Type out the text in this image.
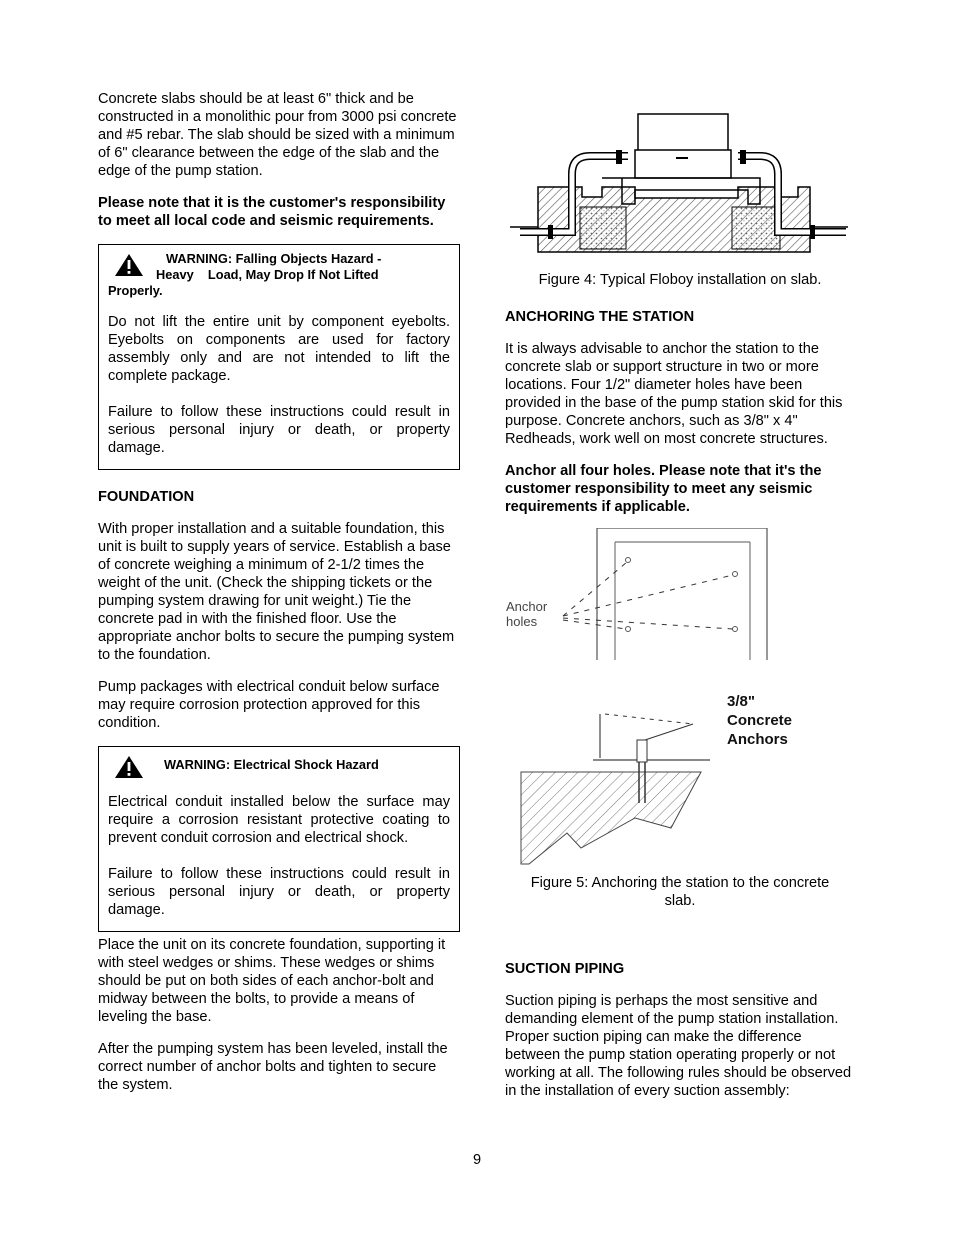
Concrete slabs should be at least 6" thick and be constructed in a monolithic pour from 3000 psi concrete and #5 rebar. The slab should be sized with a minimum of 6" clearance between the edge of the slab and the edge of the pump station.

Please note that it is the customer's responsibility to meet all local code and seismic requirements.

WARNING: Falling Objects Hazard -
Heavy    Load, May Drop If Not Lifted
Properly.

Do not lift the entire unit by component eyebolts. Eyebolts on components are used for factory assembly only and are not intended to lift the complete package.

Failure to follow these instructions could result in serious personal injury or death, or property damage.

FOUNDATION

With proper installation and a suitable foundation, this unit is built to supply years of service. Establish a base of concrete weighing a minimum of 2-1/2 times the weight of the unit. (Check the shipping tickets or the pumping system drawing for unit weight.) Tie the concrete pad in with the finished floor. Use the appropriate anchor bolts to secure the pumping system to the foundation.

Pump packages with electrical conduit below surface may require corrosion protection approved for this condition.

WARNING: Electrical Shock Hazard

Electrical conduit installed below the surface may require a corrosion resistant protective coating to prevent conduit corrosion and electrical shock.

Failure to follow these instructions could result in serious personal injury or death, or property damage.

Place the unit on its concrete foundation, supporting it with steel wedges or shims. These wedges or shims should be put on both sides of each anchor-bolt and midway between the bolts, to provide a means of leveling the base.

After the pumping system has been leveled, install the correct number of anchor bolts and tighten to secure the system.

Figure 4: Typical Floboy installation on slab.
ANCHORING THE STATION

It is always advisable to anchor the station to the concrete slab or support structure in two or more locations. Four 1/2" diameter holes have been provided in the base of the pump station skid for this purpose. Concrete anchors, such as 3/8" x 4" Redheads, work well on most concrete structures.

Anchor all four holes. Please note that it's the customer responsibility to meet any seismic requirements if applicable.

Anchor
holes
3/8"
Concrete
Anchors
Figure 5: Anchoring the station to the concrete
slab.
SUCTION PIPING

Suction piping is perhaps the most sensitive and demanding element of the pump station installation. Proper suction piping can make the difference between the pump station operating properly or not working at all. The following rules should be observed in the installation of every suction assembly:

9
